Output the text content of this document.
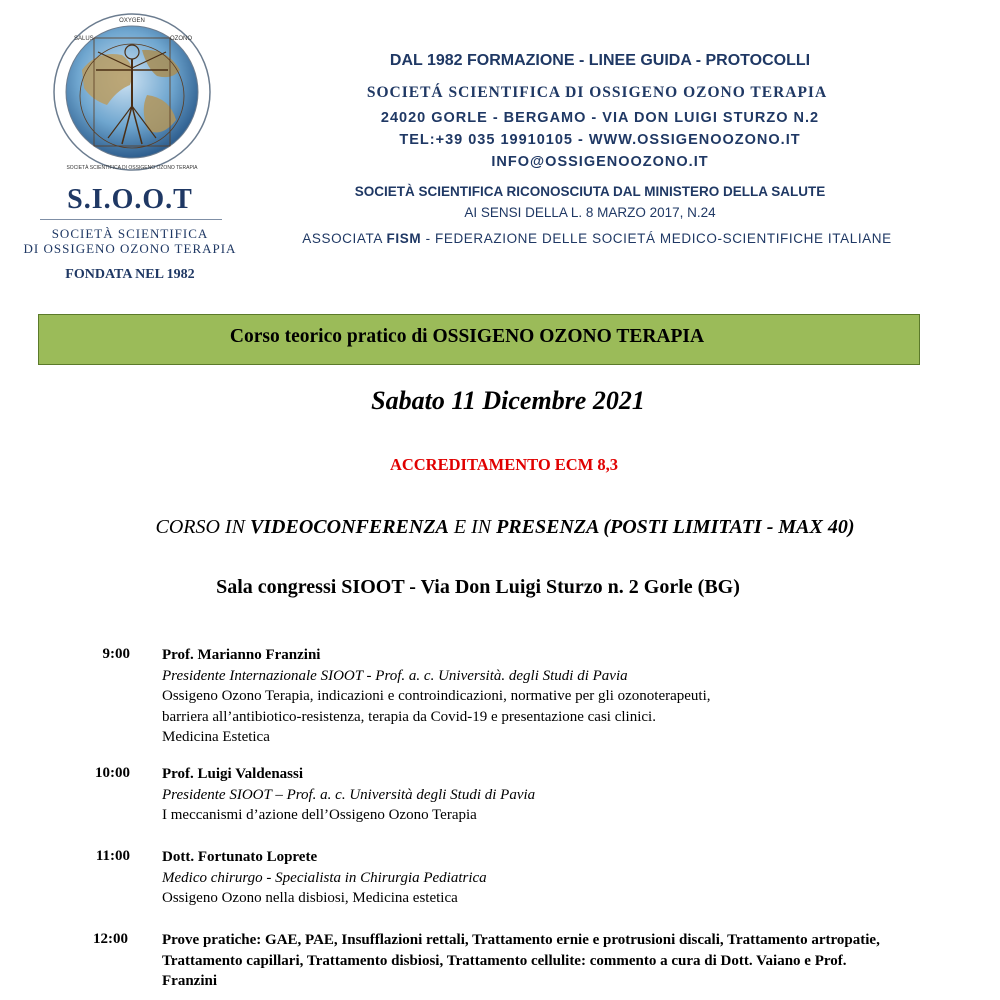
OXYGEN
SALUS	OZONO
SOCIETÀ SCIENTIFICA DI OSSIGENO OZONO TERAPIA
S.I.O.O.T
SOCIETÀ SCIENTIFICA
DI OSSIGENO OZONO TERAPIA
FONDATA NEL 1982
DAL 1982 FORMAZIONE - LINEE GUIDA - PROTOCOLLI
SOCIETÁ SCIENTIFICA DI OSSIGENO OZONO TERAPIA
24020 GORLE - BERGAMO - VIA DON LUIGI STURZO N.2
TEL:+39 035 19910105 - WWW.OSSIGENOOZONO.IT
INFO@OSSIGENOOZONO.IT
SOCIETÀ SCIENTIFICA RICONOSCIUTA DAL MINISTERO DELLA SALUTE
AI SENSI DELLA L. 8 MARZO 2017, N.24
ASSOCIATA FISM - FEDERAZIONE DELLE SOCIETÁ MEDICO-SCIENTIFICHE ITALIANE
Corso teorico pratico di OSSIGENO OZONO TERAPIA
Sabato 11 Dicembre 2021
ACCREDITAMENTO ECM 8,3
CORSO IN VIDEOCONFERENZA E IN PRESENZA (POSTI LIMITATI - MAX 40)
Sala congressi SIOOT - Via Don Luigi Sturzo n. 2 Gorle (BG)
9:00 Prof. Marianno Franzini
Presidente Internazionale SIOOT - Prof. a. c. Università. degli Studi di Pavia
Ossigeno Ozono Terapia, indicazioni e controindicazioni, normative per gli ozonoterapeuti,
barriera all’antibiotico-resistenza, terapia da Covid-19 e presentazione casi clinici.
Medicina Estetica
10:00 Prof. Luigi Valdenassi
Presidente SIOOT – Prof. a. c. Università degli Studi di Pavia
I meccanismi d’azione dell’Ossigeno Ozono Terapia
11:00 Dott. Fortunato Loprete
Medico chirurgo - Specialista in Chirurgia Pediatrica
Ossigeno Ozono nella disbiosi, Medicina estetica
12:00 Prove pratiche: GAE, PAE, Insufflazioni rettali, Trattamento ernie e protrusioni discali, Trattamento artropatie,
Trattamento capillari, Trattamento disbiosi, Trattamento cellulite: commento a cura di Dott. Vaiano e Prof.
Franzini
